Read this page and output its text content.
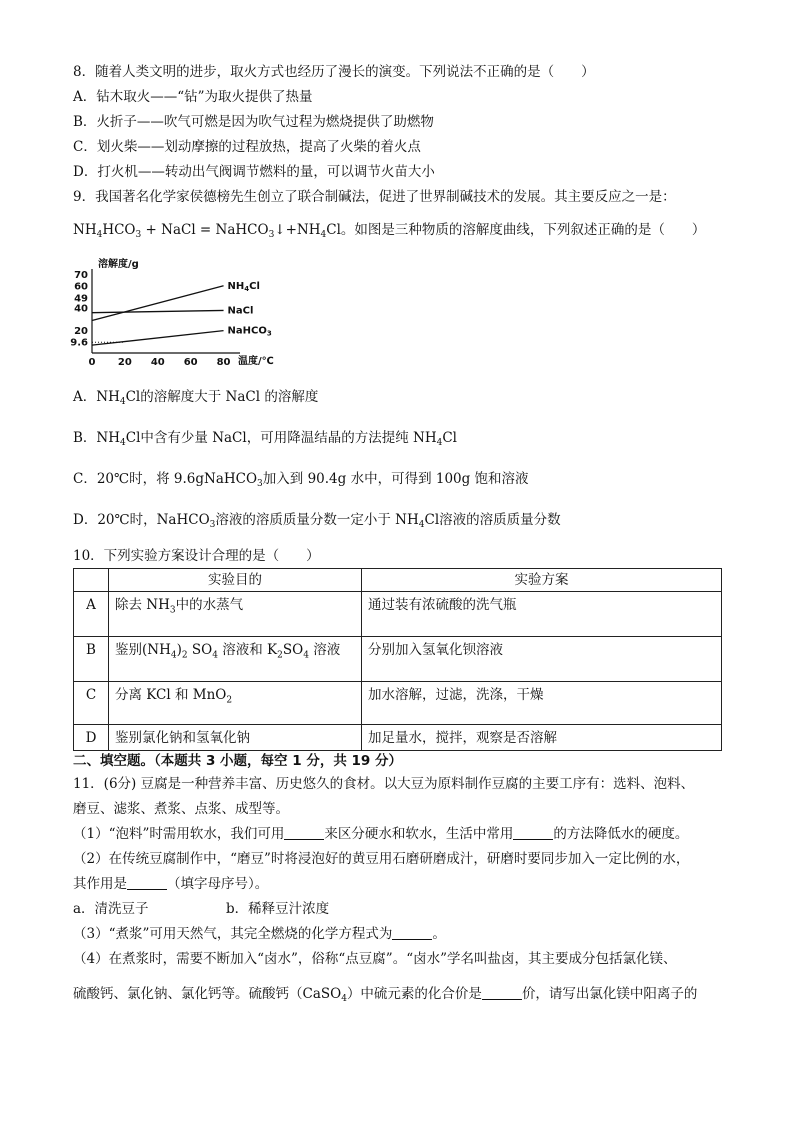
8．随着人类文明的进步，取火方式也经历了漫长的演变。下列说法不正确的是（　　）
A．钻木取火——“钻”为取火提供了热量
B．火折子——吹气可燃是因为吹气过程为燃烧提供了助燃物
C．划火柴——划动摩擦的过程放热，提高了火柴的着火点
D．打火机——转动出气阀调节燃料的量，可以调节火苗大小
9．我国著名化学家侯德榜先生创立了联合制碱法，促进了世界制碱技术的发展。其主要反应之一是：
$NH_4HCO_3$ + NaCl = $NaHCO_3↓+NH_4Cl$。如图是三种物质的溶解度曲线，下列叙述正确的是（　　）
溶解度/g
70
60
49
40
20
9.6
0 20 40 60 80 温度/℃
$NH_4Cl$
NaCl
NaHCO$_3$
A．$NH_4Cl$的溶解度大于 NaCl 的溶解度
B．$NH_4Cl$中含有少量 NaCl，可用降温结晶的方法提纯 $NH_4Cl$
C．20℃时，将 9.6gNaHCO$_3$加入到 90.4g 水中，可得到 100g 饱和溶液
D．20℃时，NaHCO$_3$溶液的溶质质量分数一定小于 $NH_4Cl$溶液的溶质质量分数
10．下列实验方案设计合理的是（　　）
	实验目的	实验方案
A	除去 $NH_3$中的水蒸气	通过装有浓硫酸的洗气瓶
B	鉴别$(NH_4)_2$ $SO_4$ 溶液和 $K_2SO_4$ 溶液	分别加入氢氧化钡溶液
C	分离 KCl 和 MnO$_2$	加水溶解，过滤，洗涤，干燥
D	鉴别氯化钠和氢氧化钠	加足量水，搅拌，观察是否溶解
二、填空题。（本题共 3 小题，每空 1 分，共 19 分）
11．(6分) 豆腐是一种营养丰富、历史悠久的食材。以大豆为原料制作豆腐的主要工序有：选料、泡料、
磨豆、滤浆、煮浆、点浆、成型等。
（1）“泡料”时需用软水，我们可用	来区分硬水和软水，生活中常用	的方法降低水的硬度。
（2）在传统豆腐制作中，“磨豆”时将浸泡好的黄豆用石磨研磨成汁，研磨时要同步加入一定比例的水，
其作用是	（填字母序号）。
a．清洗豆子	b．稀释豆汁浓度
（3）“煮浆”可用天然气，其完全燃烧的化学方程式为	。
（4）在煮浆时，需要不断加入“卤水”，俗称“点豆腐”。“卤水”学名叫盐卤，其主要成分包括氯化镁、
硫酸钙、氯化钠、氯化钙等。硫酸钙（CaSO$_4$）中硫元素的化合价是	价，请写出氯化镁中阳离子的
